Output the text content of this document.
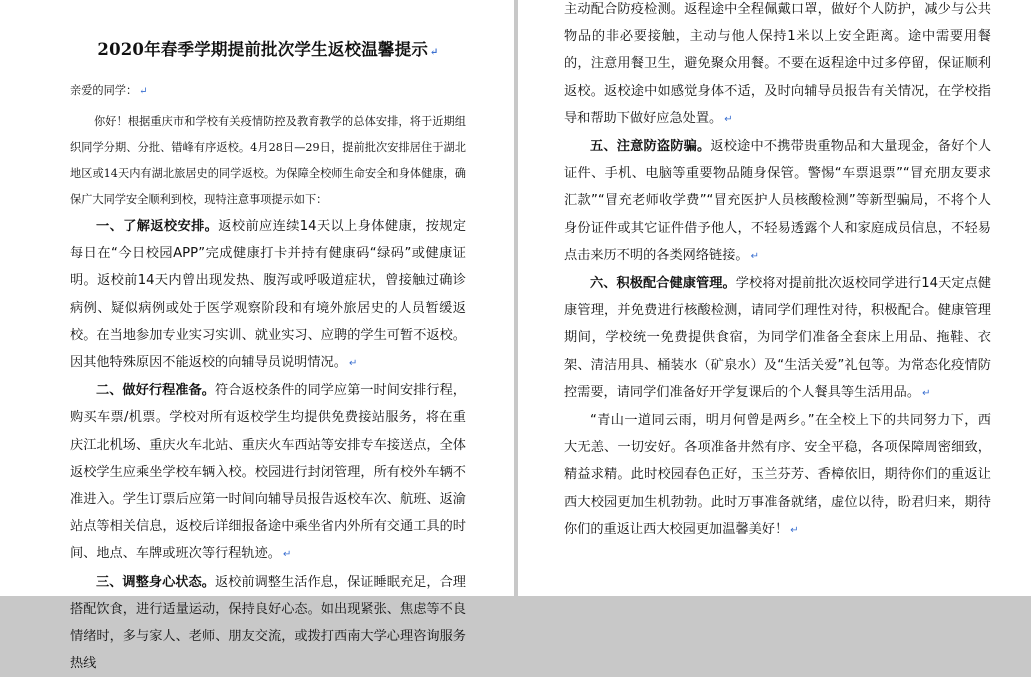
2020年春季学期提前批次学生返校温馨提示 ↵

亲爱的同学： ↵

你好！根据重庆市和学校有关疫情防控及教育教学的总体安排，将于近期组织同学分期、分批、错峰有序返校。4月28日—29日，提前批次安排居住于湖北地区或14天内有湖北旅居史的同学返校。为保障全校师生命安全和身体健康，确保广大同学安全顺利到校，现特注意事项提示如下：

一、了解返校安排。返校前应连续14天以上身体健康，按规定每日在“今日校园APP”完成健康打卡并持有健康码“绿码”或健康证明。返校前14天内曾出现发热、腹泻或呼吸道症状，曾接触过确诊病例、疑似病例或处于医学观察阶段和有境外旅居史的人员暂缓返校。在当地参加专业实习实训、就业实习、应聘的学生可暂不返校。因其他特殊原因不能返校的向辅导员说明情况。 ↵

二、做好行程准备。符合返校条件的同学应第一时间安排行程，购买车票/机票。学校对所有返校学生均提供免费接站服务，将在重庆江北机场、重庆火车北站、重庆火车西站等安排专车接送点，全体返校学生应乘坐学校车辆入校。校园进行封闭管理，所有校外车辆不准进入。学生订票后应第一时间向辅导员报告返校车次、航班、返渝站点等相关信息，返校后详细报备途中乘坐省内外所有交通工具的时间、地点、车牌或班次等行程轨迹。 ↵

三、调整身心状态。返校前调整生活作息，保证睡眠充足，合理搭配饮食，进行适量运动，保持良好心态。如出现紧张、焦虑等不良情绪时，多与家人、老师、朋友交流，或拨打西南大学心理咨询服务热线

主动配合防疫检测。返程途中全程佩戴口罩，做好个人防护，减少与公共物品的非必要接触，主动与他人保持1米以上安全距离。途中需要用餐的，注意用餐卫生，避免聚众用餐。不要在返程途中过多停留，保证顺利返校。返校途中如感觉身体不适，及时向辅导员报告有关情况，在学校指导和帮助下做好应急处置。 ↵

五、注意防盗防骗。返校途中不携带贵重物品和大量现金，备好个人证件、手机、电脑等重要物品随身保管。警惕“车票退票”“冒充朋友要求汇款”“冒充老师收学费”“冒充医护人员核酸检测”等新型骗局，不将个人身份证件或其它证件借予他人，不轻易透露个人和家庭成员信息，不轻易点击来历不明的各类网络链接。 ↵

六、积极配合健康管理。学校将对提前批次返校同学进行14天定点健康管理，并免费进行核酸检测，请同学们理性对待，积极配合。健康管理期间，学校统一免费提供食宿，为同学们准备全套床上用品、拖鞋、衣架、清洁用具、桶装水（矿泉水）及“生活关爱”礼包等。为常态化疫情防控需要，请同学们准备好开学复课后的个人餐具等生活用品。 ↵

“青山一道同云雨，明月何曾是两乡。”在全校上下的共同努力下，西大无恙、一切安好。各项准备井然有序、安全平稳，各项保障周密细致，精益求精。此时校园春色正好，玉兰芬芳、香樟依旧，期待你们的重返让西大校园更加生机勃勃。此时万事准备就绪，虚位以待，盼君归来，期待你们的重返让西大校园更加温馨美好！ ↵
